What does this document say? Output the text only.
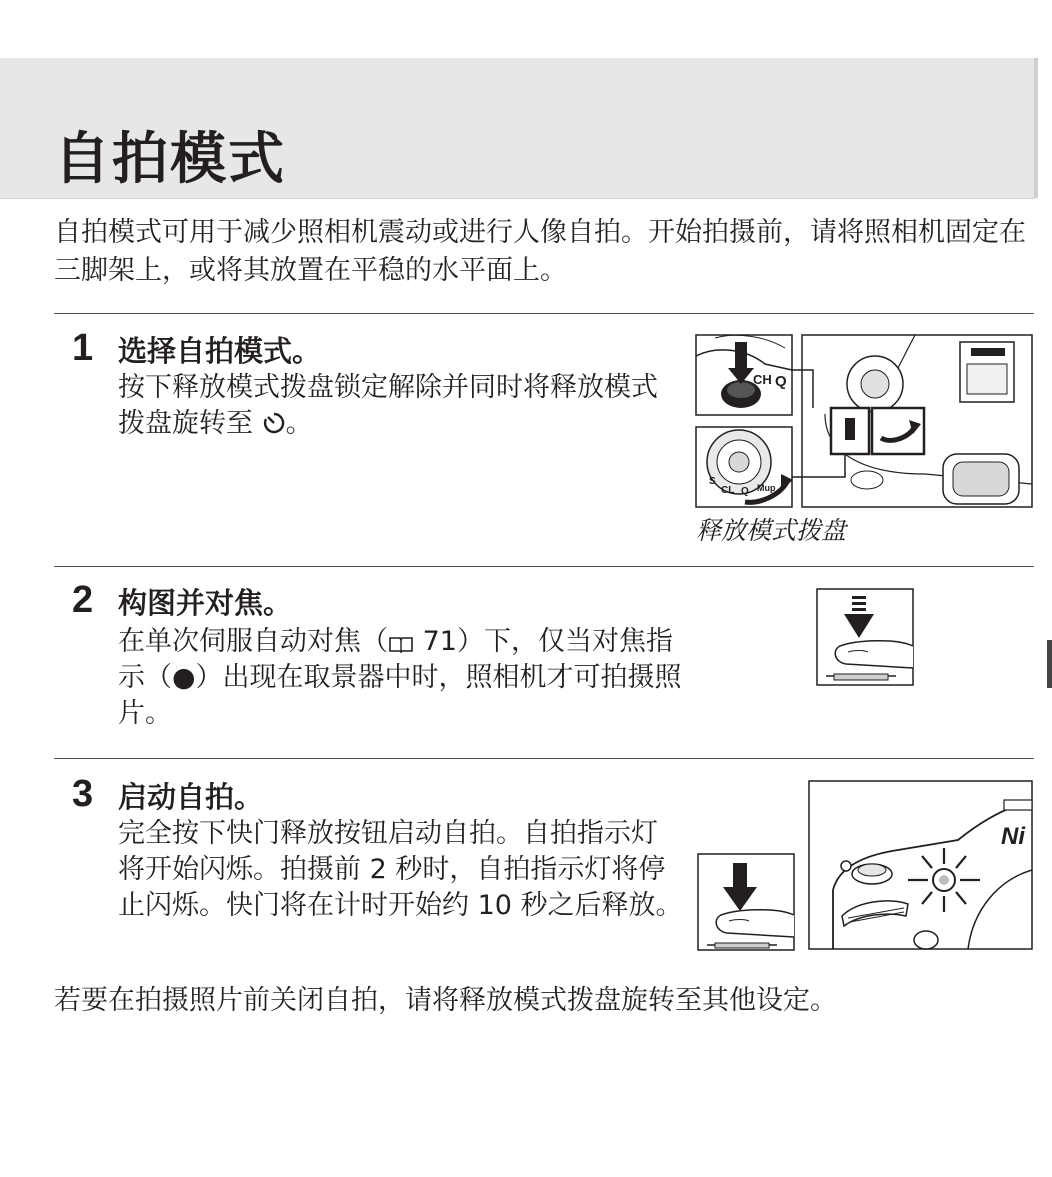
自拍模式

自拍模式可用于减少照相机震动或进行人像自拍。开始拍摄前，请将照相机固定在三脚架上，或将其放置在平稳的水平面上。

1 选择自拍模式。

按下释放模式拨盘锁定解除并同时将释放模式拨盘旋转至 。

CH Q
S
CL Q Mup
释放模式拨盘
2 构图并对焦。

在单次伺服自动对焦（ 71）下，仅当对焦指示（●）出现在取景器中时，照相机才可拍摄照片。

3 启动自拍。

完全按下快门释放按钮启动自拍。自拍指示灯将开始闪烁。拍摄前 2 秒时，自拍指示灯将停止闪烁。快门将在计时开始约 10 秒之后释放。

Ni

若要在拍摄照片前关闭自拍，请将释放模式拨盘旋转至其他设定。
